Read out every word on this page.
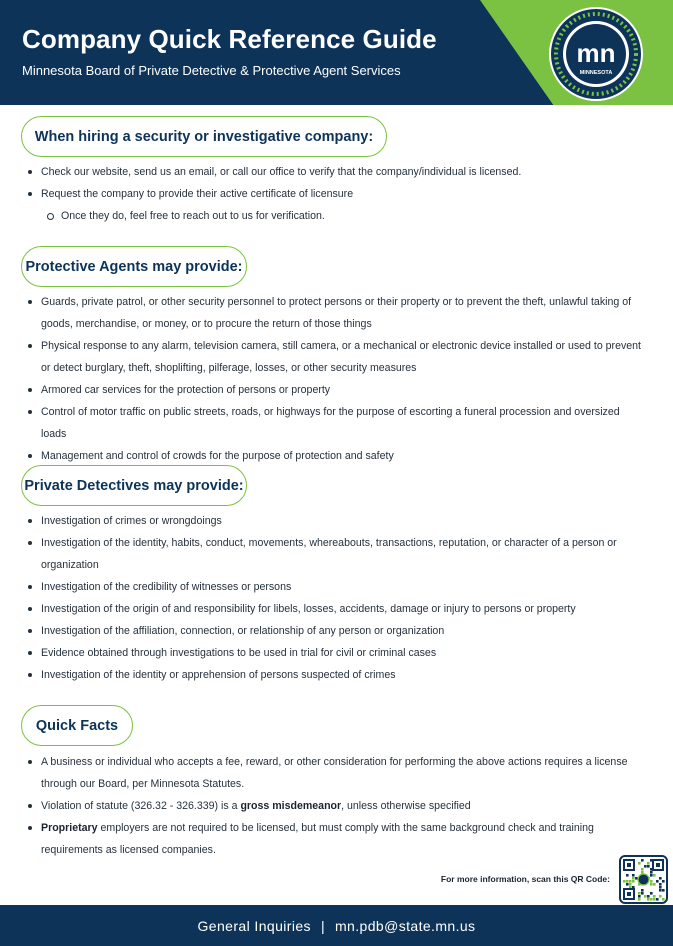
Company Quick Reference Guide
Minnesota Board of Private Detective & Protective Agent Services
mn
MINNESOTA
When hiring a security or investigative company:
Check our website, send us an email, or call our office to verify that the company/individual is licensed.
Request the company to provide their active certificate of licensure
Once they do, feel free to reach out to us for verification.
Protective Agents may provide:
Guards, private patrol, or other security personnel to protect persons or their property or to prevent the theft, unlawful taking of goods, merchandise, or money, or to procure the return of those things
Physical response to any alarm, television camera, still camera, or a mechanical or electronic device installed or used to prevent or detect burglary, theft, shoplifting, pilferage, losses, or other security measures
Armored car services for the protection of persons or property
Control of motor traffic on public streets, roads, or highways for the purpose of escorting a funeral procession and oversized loads
Management and control of crowds for the purpose of protection and safety
Private Detectives may provide:
Investigation of crimes or wrongdoings
Investigation of the identity, habits, conduct, movements, whereabouts, transactions, reputation, or character of a person or organization
Investigation of the credibility of witnesses or persons
Investigation of the origin of and responsibility for libels, losses, accidents, damage or injury to persons or property
Investigation of the affiliation, connection, or relationship of any person or organization
Evidence obtained through investigations to be used in trial for civil or criminal cases
Investigation of the identity or apprehension of persons suspected of crimes
Quick Facts
A business or individual who accepts a fee, reward, or other consideration for performing the above actions requires a license through our Board, per Minnesota Statutes.
Violation of statute (326.32 - 326.339) is a gross misdemeanor, unless otherwise specified
Proprietary employers are not required to be licensed, but must comply with the same background check and training requirements as licensed companies.
For more information, scan this QR Code:
General Inquiries | mn.pdb@state.mn.us
